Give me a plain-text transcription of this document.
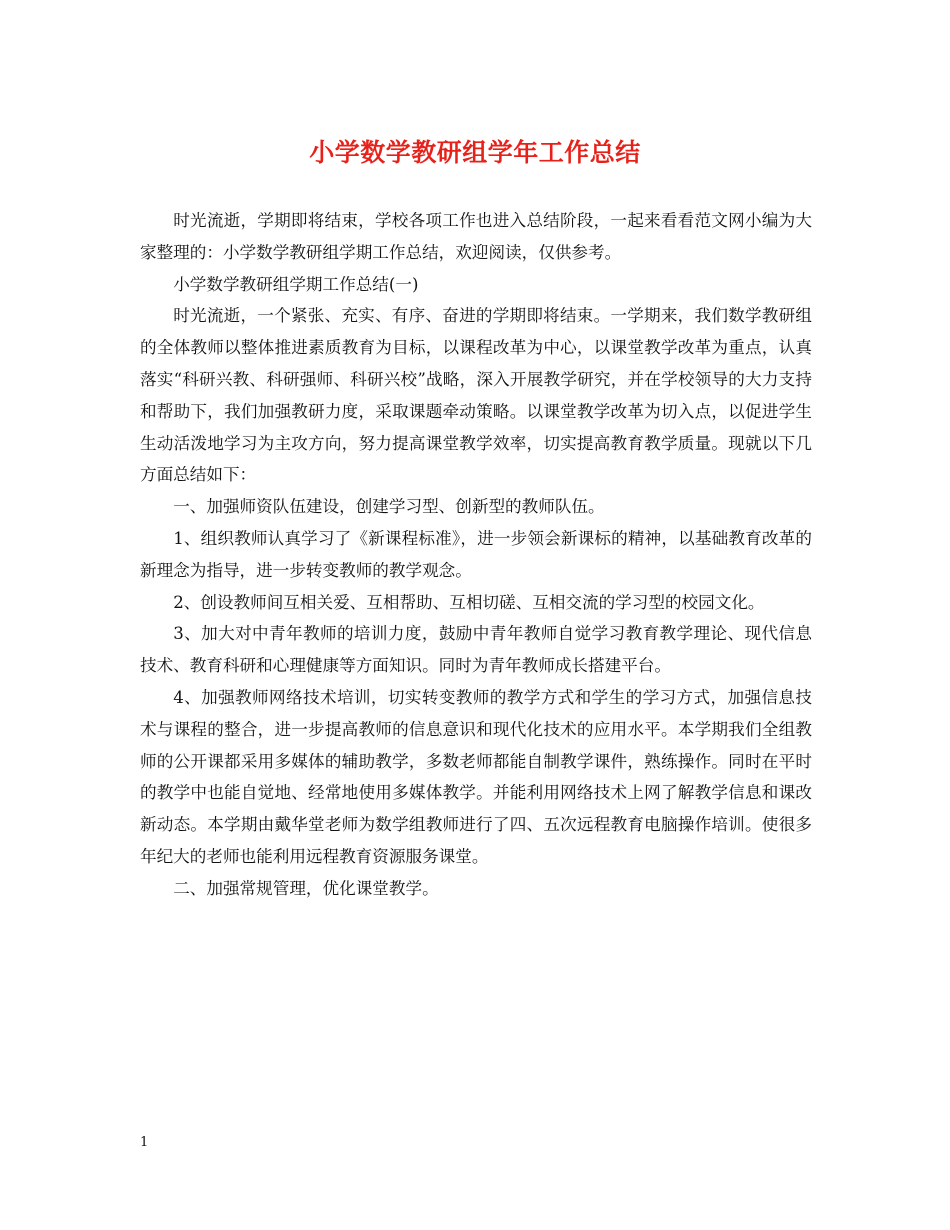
小学数学教研组学年工作总结

时光流逝，学期即将结束，学校各项工作也进入总结阶段，一起来看看范文网小编为大家整理的：小学数学教研组学期工作总结，欢迎阅读，仅供参考。

小学数学教研组学期工作总结(一)

时光流逝，一个紧张、充实、有序、奋进的学期即将结束。一学期来，我们数学教研组的全体教师以整体推进素质教育为目标，以课程改革为中心，以课堂教学改革为重点，认真落实“科研兴教、科研强师、科研兴校”战略，深入开展教学研究，并在学校领导的大力支持和帮助下，我们加强教研力度，采取课题牵动策略。以课堂教学改革为切入点，以促进学生生动活泼地学习为主攻方向，努力提高课堂教学效率，切实提高教育教学质量。现就以下几方面总结如下：

一、加强师资队伍建设，创建学习型、创新型的教师队伍。

1、组织教师认真学习了《新课程标准》，进一步领会新课标的精神，以基础教育改革的新理念为指导，进一步转变教师的教学观念。

2、创设教师间互相关爱、互相帮助、互相切磋、互相交流的学习型的校园文化。

3、加大对中青年教师的培训力度，鼓励中青年教师自觉学习教育教学理论、现代信息技术、教育科研和心理健康等方面知识。同时为青年教师成长搭建平台。

4、加强教师网络技术培训，切实转变教师的教学方式和学生的学习方式，加强信息技术与课程的整合，进一步提高教师的信息意识和现代化技术的应用水平。本学期我们全组教师的公开课都采用多媒体的辅助教学，多数老师都能自制教学课件，熟练操作。同时在平时的教学中也能自觉地、经常地使用多媒体教学。并能利用网络技术上网了解教学信息和课改新动态。本学期由戴华堂老师为数学组教师进行了四、五次远程教育电脑操作培训。使很多年纪大的老师也能利用远程教育资源服务课堂。

二、加强常规管理，优化课堂教学。

1
